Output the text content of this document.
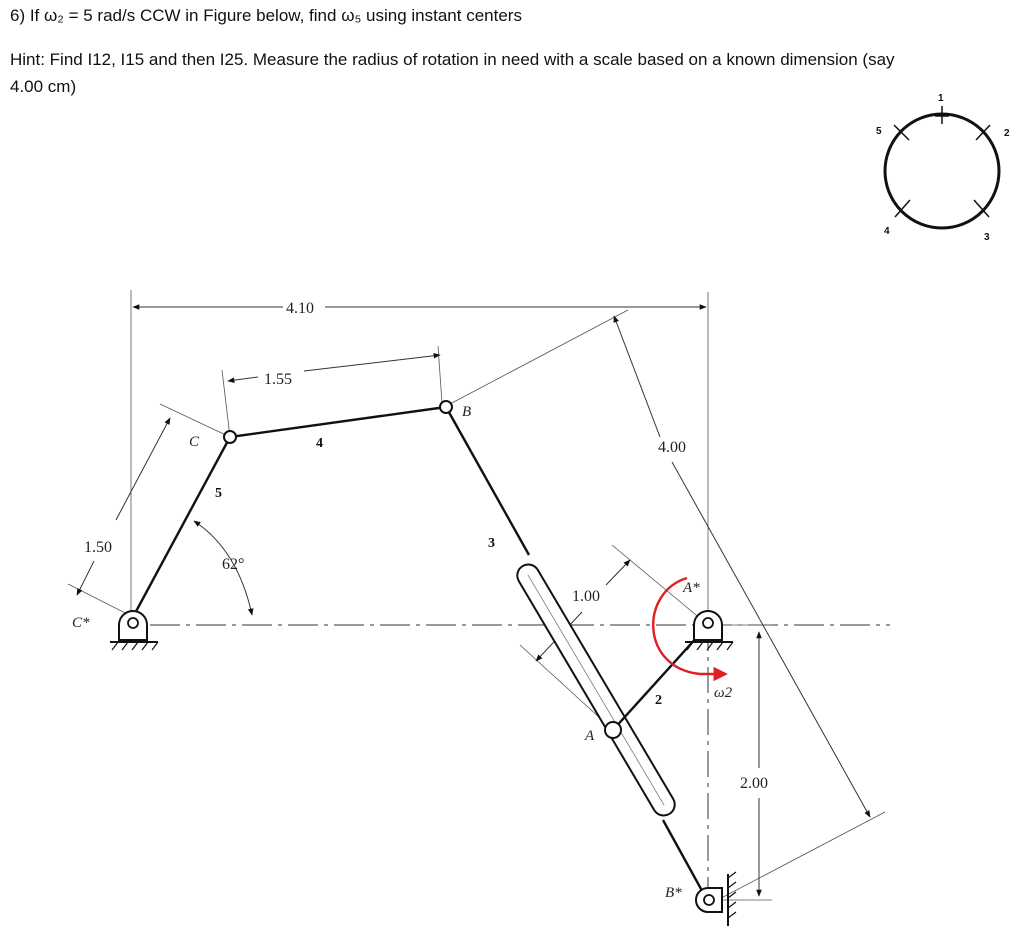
6) If ω₂ = 5 rad/s CCW in Figure below, find ω₅ using instant centers
Hint: Find I12, I15 and then I25. Measure the radius of rotation in need with a scale based on a known dimension (say 4.00 cm)
1
2
3
4
5
4.10
1.55
1.50
4.00
1.00
2.00
62°
C
B
A
C*
A*
B*
5
4
3
2	ω2
